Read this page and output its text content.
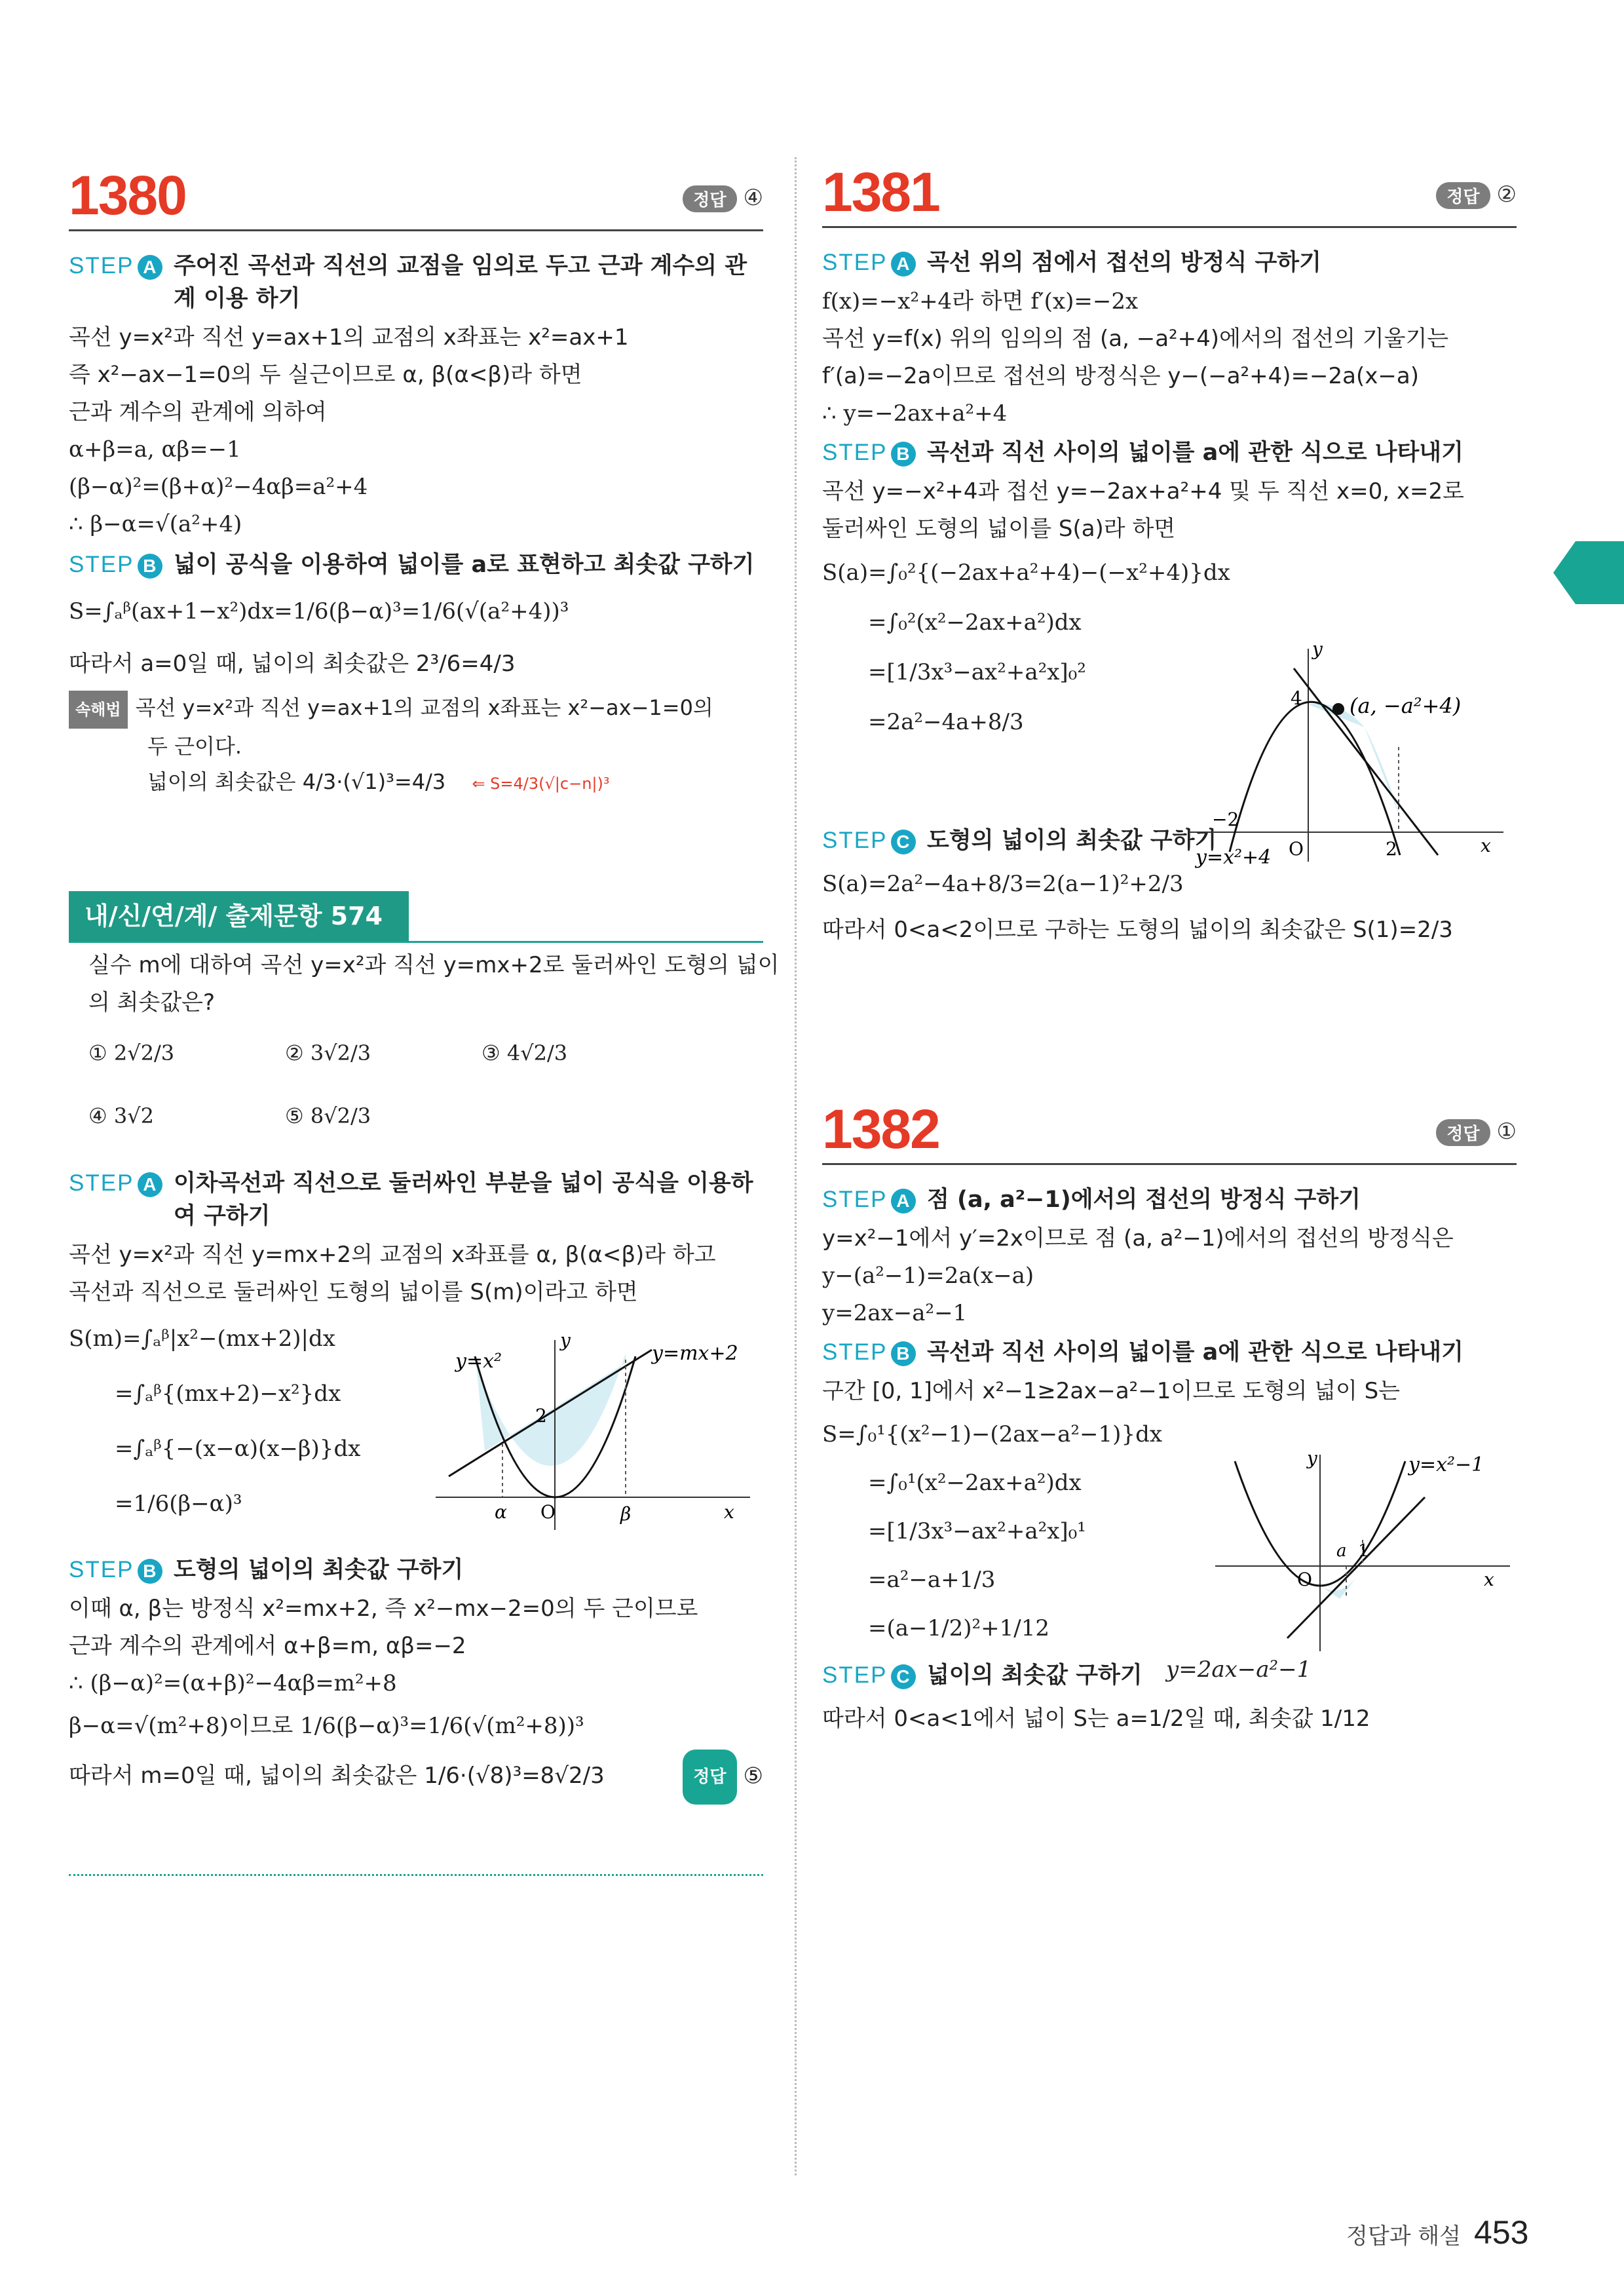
1380	정답 ④
STEP A 주어진 곡선과 직선의 교점을 임의로 두고 근과 계수의 관계 이용 하기
곡선 y=x²과 직선 y=ax+1의 교점의 x좌표는 x²=ax+1
즉 x²−ax−1=0의 두 실근이므로 α, β(α<β)라 하면
근과 계수의 관계에 의하여
α+β=a, αβ=−1
(β−α)²=(β+α)²−4αβ=a²+4
∴ β−α=√(a²+4)
STEP B 넓이 공식을 이용하여 넓이를 a로 표현하고 최솟값 구하기
S=∫ₐᵝ(ax+1−x²)dx=1/6(β−α)³=1/6(√(a²+4))³
따라서 a=0일 때, 넓이의 최솟값은 2³/6=4/3
속해법 곡선 y=x²과 직선 y=ax+1의 교점의 x좌표는 x²−ax−1=0의
두 근이다.
넓이의 최솟값은 4/3·(√1)³=4/3 ⇐ S=4/3(√|c−n|)³
내/신/연/계/ 출제문항 574
실수 m에 대하여 곡선 y=x²과 직선 y=mx+2로 둘러싸인 도형의 넓이
의 최솟값은?
① 2√2/3	② 3√2/3	③ 4√2/3
④ 3√2	⑤ 8√2/3
STEP A 이차곡선과 직선으로 둘러싸인 부분을 넓이 공식을 이용하여 구하기
곡선 y=x²과 직선 y=mx+2의 교점의 x좌표를 α, β(α<β)라 하고
곡선과 직선으로 둘러싸인 도형의 넓이를 S(m)이라고 하면
S(m)=∫ₐᵝ|x²−(mx+2)|dx
=∫ₐᵝ{(mx+2)−x²}dx
=∫ₐᵝ{−(x−α)(x−β)}dx
=1/6(β−α)³
y
y=x²	y=mx+2
2
α O	β	x
STEP B 도형의 넓이의 최솟값 구하기
이때 α, β는 방정식 x²=mx+2, 즉 x²−mx−2=0의 두 근이므로
근과 계수의 관계에서 α+β=m, αβ=−2
∴ (β−α)²=(α+β)²−4αβ=m²+8
β−α=√(m²+8)이므로 1/6(β−α)³=1/6(√(m²+8))³
따라서 m=0일 때, 넓이의 최솟값은 1/6·(√8)³=8√2/3	정답 ⑤
1381	정답 ②
STEP A 곡선 위의 점에서 접선의 방정식 구하기
f(x)=−x²+4라 하면 f′(x)=−2x
곡선 y=f(x) 위의 임의의 점 (a, −a²+4)에서의 접선의 기울기는
f′(a)=−2a이므로 접선의 방정식은 y−(−a²+4)=−2a(x−a)
∴ y=−2ax+a²+4
STEP B 곡선과 직선 사이의 넓이를 a에 관한 식으로 나타내기
곡선 y=−x²+4과 접선 y=−2ax+a²+4 및 두 직선 x=0, x=2로
둘러싸인 도형의 넓이를 S(a)라 하면
S(a)=∫₀²{(−2ax+a²+4)−(−x²+4)}dx
=∫₀²(x²−2ax+a²)dx
=[1/3x³−ax²+a²x]₀²
=2a²−4a+8/3
y
4 (a, −a²+4)
−2
O	2	x
y=x²+4
STEP C 도형의 넓이의 최솟값 구하기
S(a)=2a²−4a+8/3=2(a−1)²+2/3
따라서 0<a<2이므로 구하는 도형의 넓이의 최솟값은 S(1)=2/3
1382	정답 ①
STEP A 점 (a, a²−1)에서의 접선의 방정식 구하기
y=x²−1에서 y′=2x이므로 점 (a, a²−1)에서의 접선의 방정식은
y−(a²−1)=2a(x−a)
y=2ax−a²−1
STEP B 곡선과 직선 사이의 넓이를 a에 관한 식으로 나타내기
구간 [0, 1]에서 x²−1≥2ax−a²−1이므로 도형의 넓이 S는
S=∫₀¹{(x²−1)−(2ax−a²−1)}dx
=∫₀¹(x²−2ax+a²)dx
=[1/3x³−ax²+a²x]₀¹
=a²−a+1/3
=(a−1/2)²+1/12
y	y=x²−1
a 1
O	x
y=2ax−a²−1
STEP C 넓이의 최솟값 구하기
따라서 0<a<1에서 넓이 S는 a=1/2일 때, 최솟값 1/12
정답과 해설 453
